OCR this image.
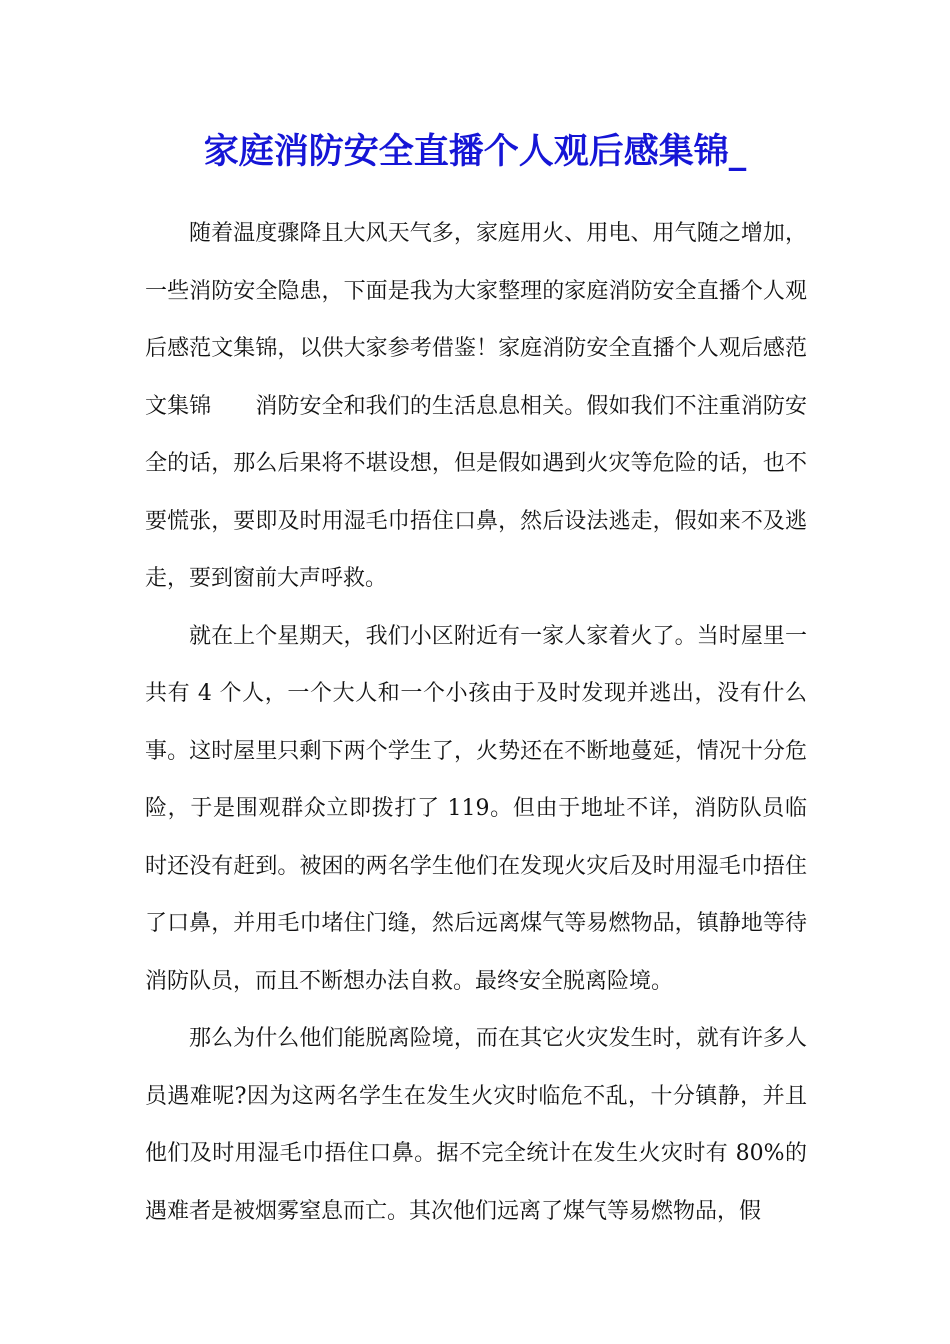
家庭消防安全直播个人观后感集锦_

随着温度骤降且大风天气多，家庭用火、用电、用气随之增加，一些消防安全隐患，下面是我为大家整理的家庭消防安全直播个人观后感范文集锦，以供大家参考借鉴！家庭消防安全直播个人观后感范文集锦　　消防安全和我们的生活息息相关。假如我们不注重消防安全的话，那么后果将不堪设想，但是假如遇到火灾等危险的话，也不要慌张，要即及时用湿毛巾捂住口鼻，然后设法逃走，假如来不及逃走，要到窗前大声呼救。

就在上个星期天，我们小区附近有一家人家着火了。当时屋里一共有 4 个人，一个大人和一个小孩由于及时发现并逃出，没有什么事。这时屋里只剩下两个学生了，火势还在不断地蔓延，情况十分危险，于是围观群众立即拨打了 119。但由于地址不详，消防队员临时还没有赶到。被困的两名学生他们在发现火灾后及时用湿毛巾捂住了口鼻，并用毛巾堵住门缝，然后远离煤气等易燃物品，镇静地等待消防队员，而且不断想办法自救。最终安全脱离险境。

那么为什么他们能脱离险境，而在其它火灾发生时，就有许多人员遇难呢?因为这两名学生在发生火灾时临危不乱，十分镇静，并且他们及时用湿毛巾捂住口鼻。据不完全统计在发生火灾时有 80%的遇难者是被烟雾窒息而亡。其次他们远离了煤气等易燃物品，假
